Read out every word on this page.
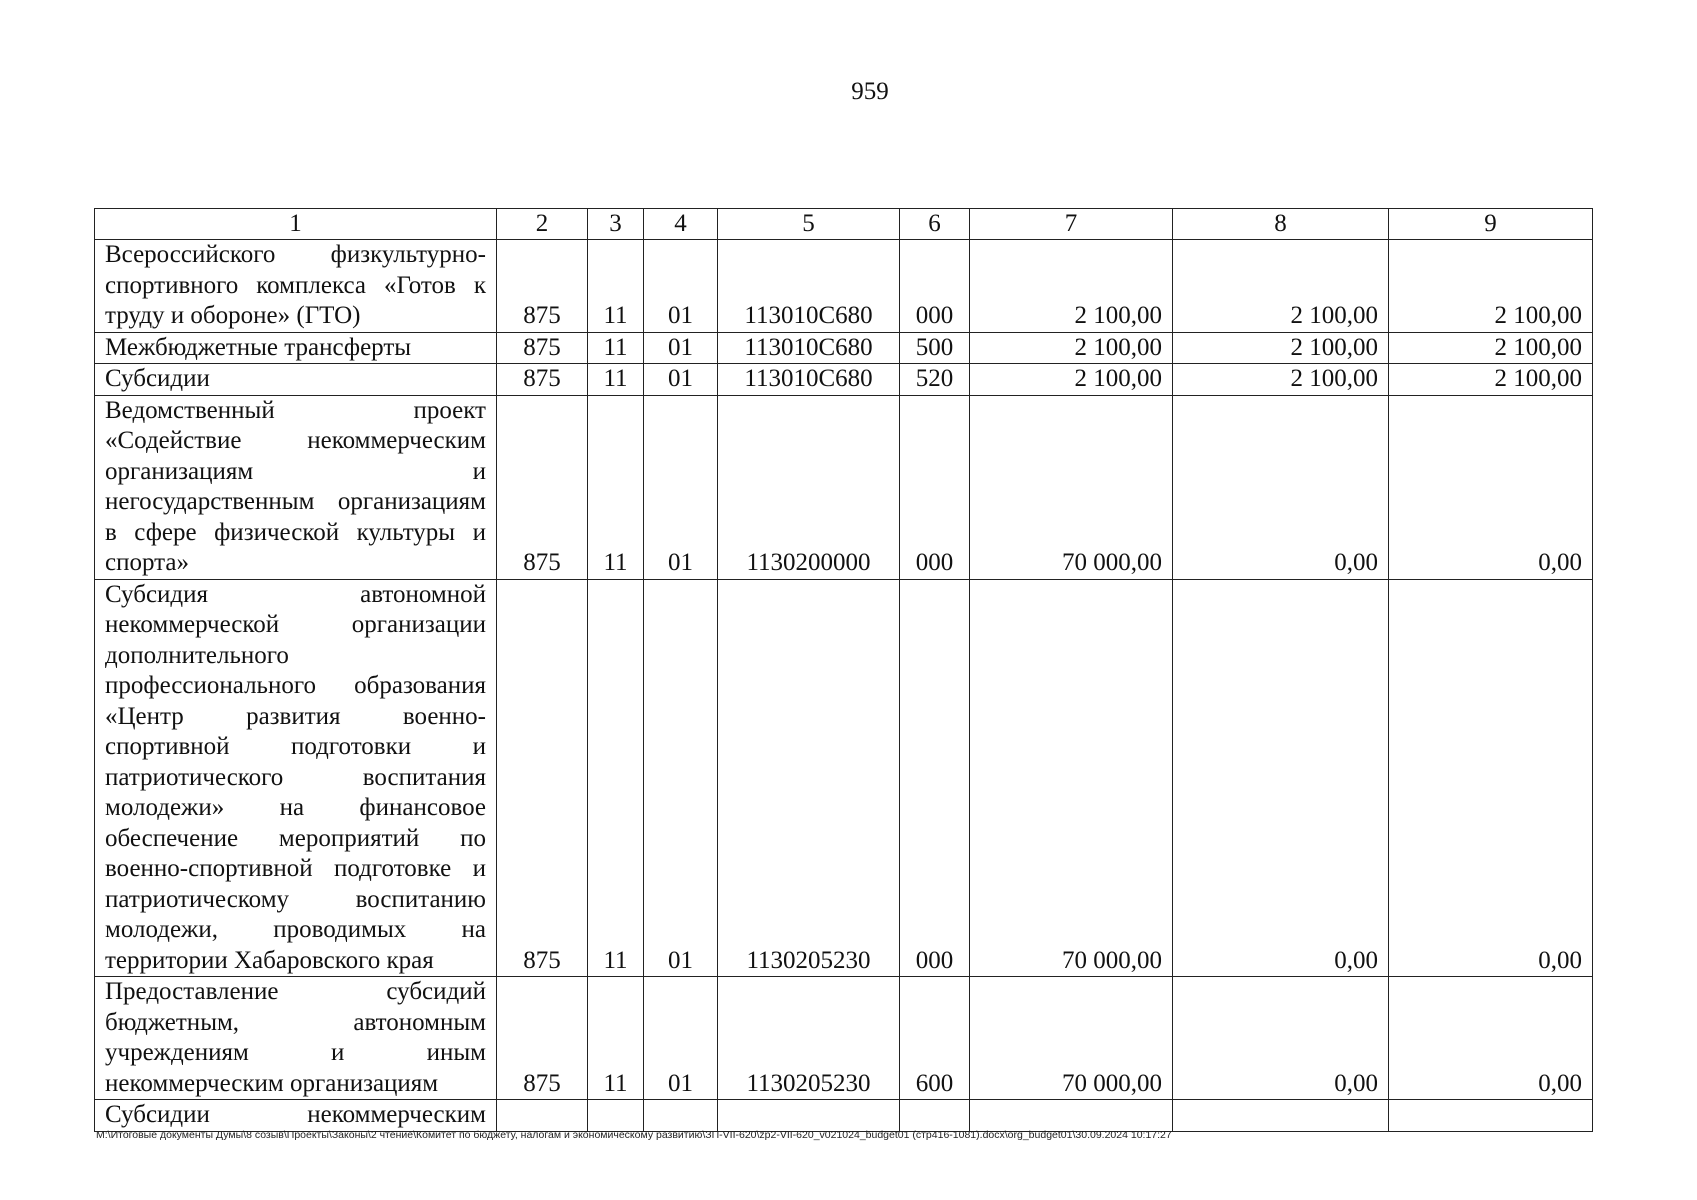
959
1	2	3	4	5	6	7	8	9
Всероссийского физкультурно-спортивного комплекса «Готов к труду и обороне» (ГТО)	875	11	01	113010С680	000	2 100,00	2 100,00	2 100,00
Межбюджетные трансферты	875	11	01	113010С680	500	2 100,00	2 100,00	2 100,00
Субсидии	875	11	01	113010С680	520	2 100,00	2 100,00	2 100,00
Ведомственный проект «Содействие некоммерческим организациям и негосударственным организациям в сфере физической культуры и спорта»	875	11	01	1130200000	000	70 000,00	0,00	0,00
Субсидия автономной некоммерческой организации дополнительного профессионального образования «Центр развития военно-спортивной подготовки и патриотического воспитания молодежи» на финансовое обеспечение мероприятий по военно-спортивной подготовке и патриотическому воспитанию молодежи, проводимых на территории Хабаровского края	875	11	01	1130205230	000	70 000,00	0,00	0,00
Предоставление субсидий бюджетным, автономным учреждениям и иным некоммерческим организациям	875	11	01	1130205230	600	70 000,00	0,00	0,00
Субсидии некоммерческим								
М:\Итоговые документы Думы\8 созыв\Проекты\Законы\2 чтение\Комитет по бюджету, налогам и экономическому развитию\ЗП-VII-620\zp2-VII-620_v021024_budget01 (стр416-1081).docx\org_budget01\30.09.2024 10:17:27
